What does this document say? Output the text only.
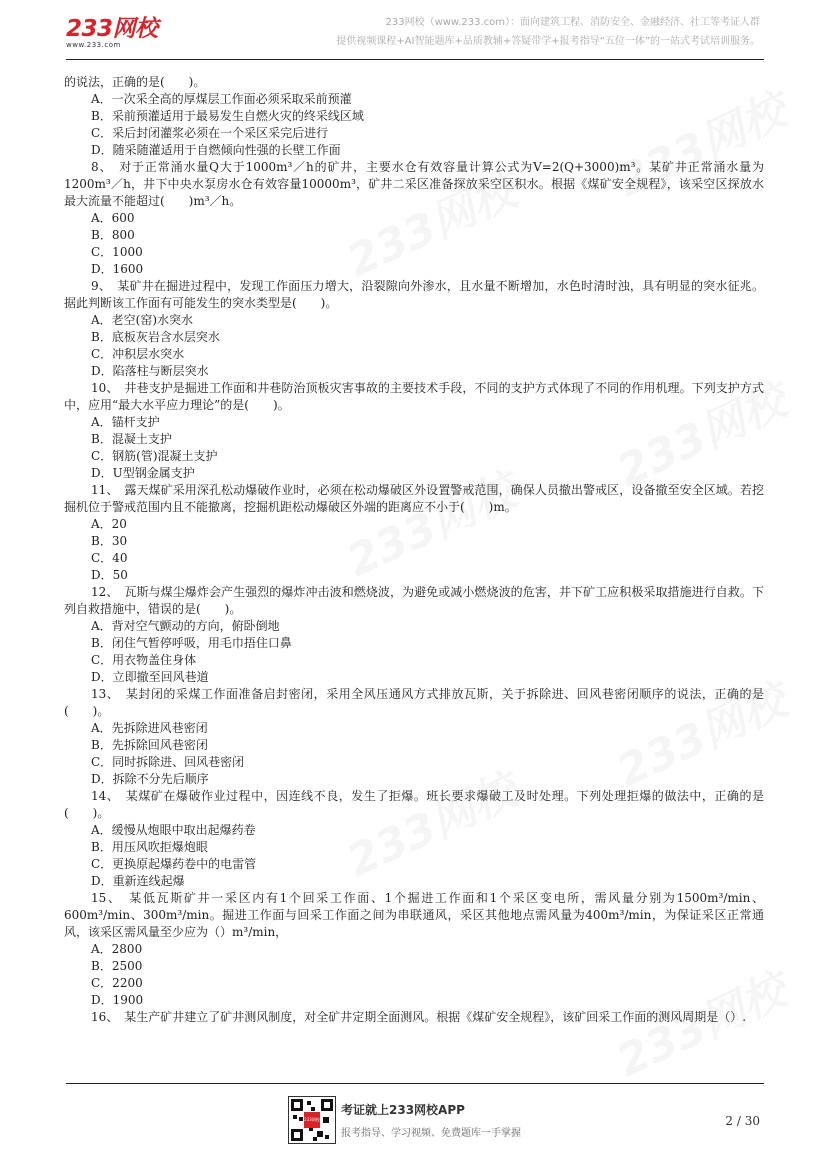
233网校
www.233.com
233网校（www.233.com）：面向建筑工程、消防安全、金融经济、社工等考证人群
提供视频课程+AI智能题库+品质教辅+答疑带学+报考指导“五位一体”的一站式考试培训服务。

的说法，正确的是(　　)。

A．一次采全高的厚煤层工作面必须采取采前预灌

B．采前预灌适用于最易发生自燃火灾的终采线区域

C．采后封闭灌浆必须在一个采区采完后进行

D．随采随灌适用于自燃倾向性强的长壁工作面

8、　对于正常涌水量Q大于1000m³／h的矿井，主要水仓有效容量计算公式为V=2(Q+3000)m³。某矿井正常涌水量为1200m³／h，井下中央水泵房水仓有效容量10000m³，矿井二采区准备探放采空区积水。根据《煤矿安全规程》，该采空区探放水最大流量不能超过(　　)m³／h。

A．600

B．800

C．1000

D．1600

9、　某矿井在掘进过程中，发现工作面压力增大，沿裂隙向外渗水，且水量不断增加，水色时清时浊，具有明显的突水征兆。据此判断该工作面有可能发生的突水类型是(　　)。

A．老空(窑)水突水

B．底板灰岩含水层突水

C．冲积层水突水

D．陷落柱与断层突水

10、　井巷支护是掘进工作面和井巷防治顶板灾害事故的主要技术手段，不同的支护方式体现了不同的作用机理。下列支护方式中，应用“最大水平应力理论”的是(　　)。

A．锚杆支护

B．混凝土支护

C．钢筋(管)混凝土支护

D．U型钢金属支护

11、　露天煤矿采用深孔松动爆破作业时，必须在松动爆破区外设置警戒范围，确保人员撤出警戒区，设备撤至安全区域。若挖掘机位于警戒范围内且不能撤离，挖掘机距松动爆破区外端的距离应不小于(　　)m。

A．20

B．30

C．40

D．50

12、　瓦斯与煤尘爆炸会产生强烈的爆炸冲击波和燃烧波，为避免或减小燃烧波的危害，井下矿工应积极采取措施进行自救。下列自救措施中，错误的是(　　)。

A．背对空气颤动的方向，俯卧倒地

B．闭住气暂停呼吸，用毛巾捂住口鼻

C．用衣物盖住身体

D．立即撤至回风巷道

13、　某封闭的采煤工作面准备启封密闭，采用全风压通风方式排放瓦斯，关于拆除进、回风巷密闭顺序的说法，正确的是(　　)。

A．先拆除进风巷密闭

B．先拆除回风巷密闭

C．同时拆除进、回风巷密闭

D．拆除不分先后顺序

14、　某煤矿在爆破作业过程中，因连线不良，发生了拒爆。班长要求爆破工及时处理。下列处理拒爆的做法中，正确的是(　　)。

A．缓慢从炮眼中取出起爆药卷

B．用压风吹拒爆炮眼

C．更换原起爆药卷中的电雷管

D．重新连线起爆

15、　某低瓦斯矿井一采区内有1个回采工作面、1个掘进工作面和1个采区变电所，需风量分别为1500m³/min、600m³/min、300m³/min。掘进工作面与回采工作面之间为串联通风，采区其他地点需风量为400m³/min，为保证采区正常通风，该采区需风量至少应为（）m³/min，

A．2800

B．2500

C．2200

D．1900

16、　某生产矿井建立了矿井测风制度，对全矿井定期全面测风。根据《煤矿安全规程》，该矿回采工作面的测风周期是（）.

233网校
考证就上233网校APP
报考指导、学习视频、免费题库一手掌握
2 / 30
